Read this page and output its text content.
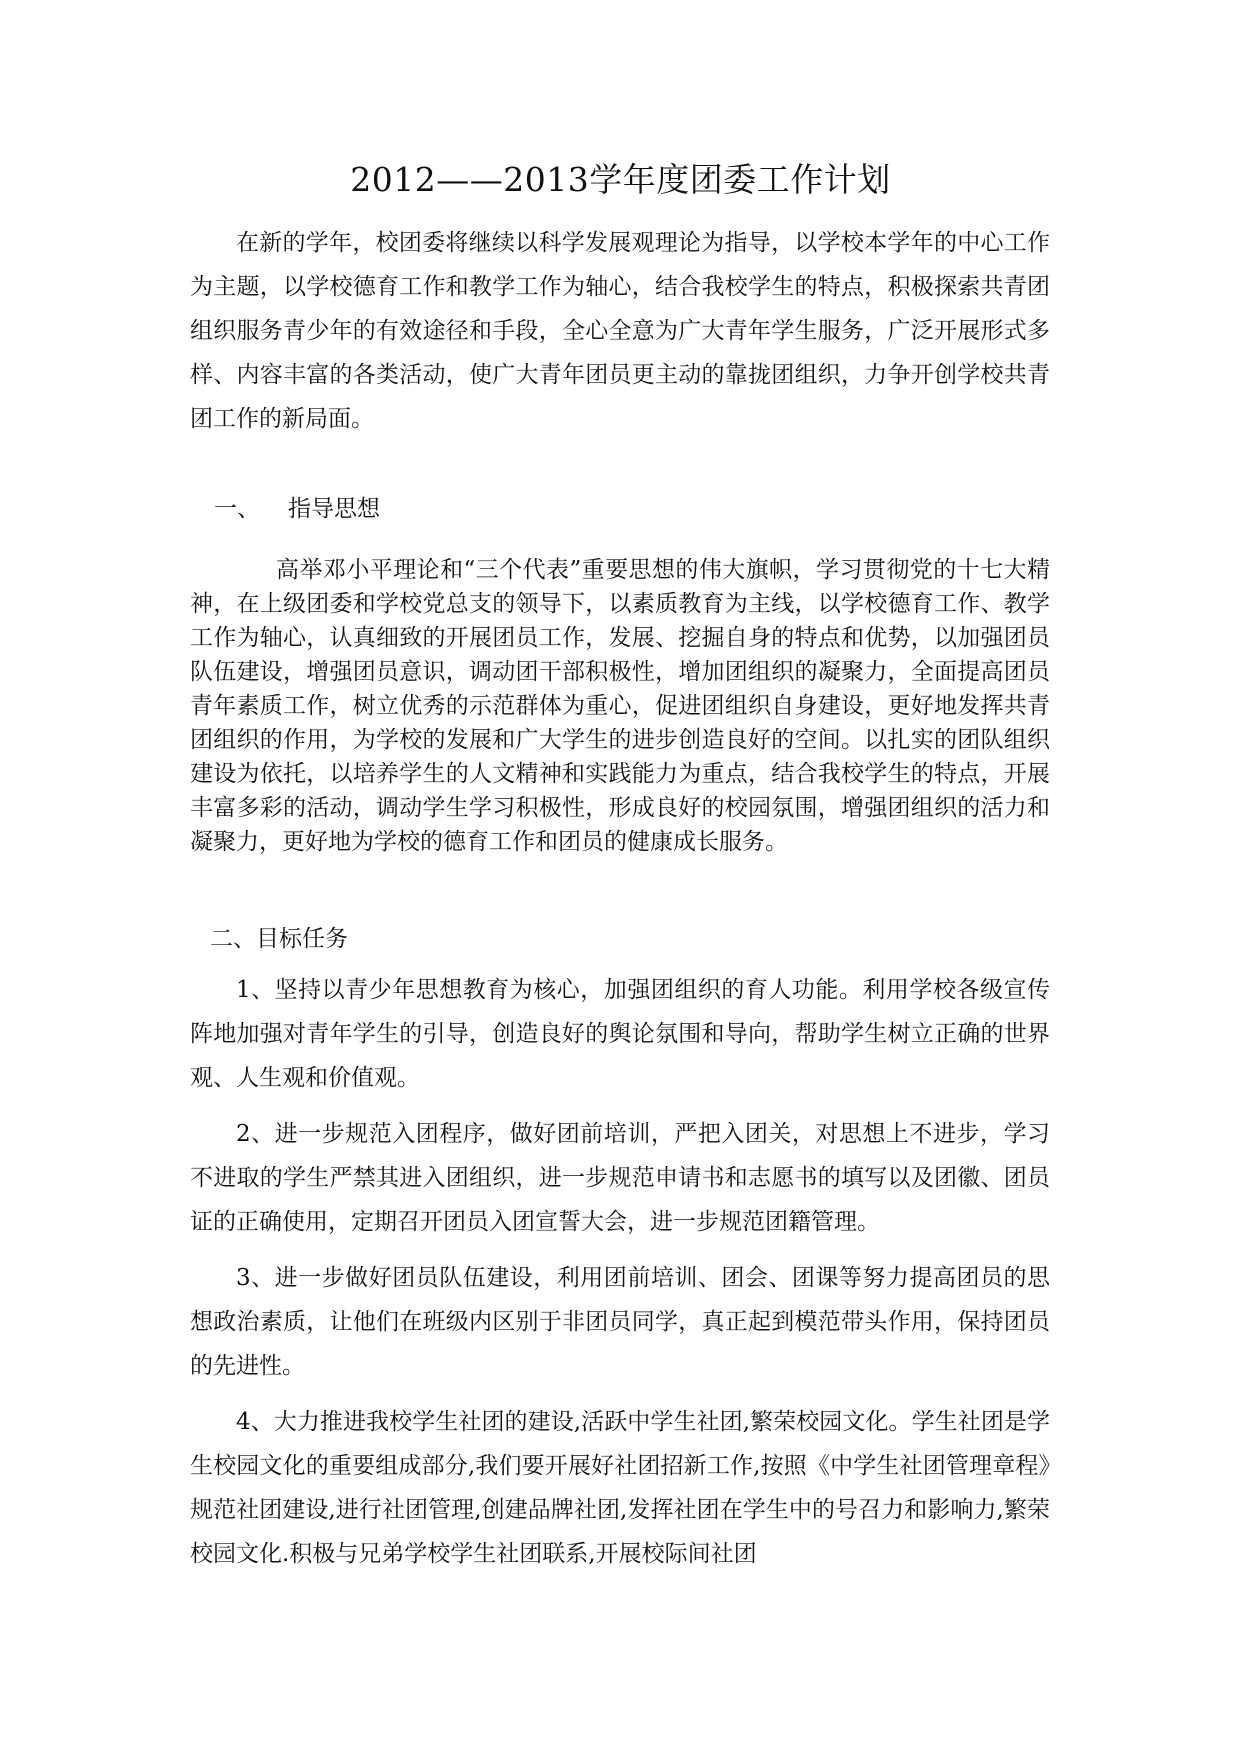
2012——2013学年度团委工作计划

在新的学年，校团委将继续以科学发展观理论为指导，以学校本学年的中心工作为主题，以学校德育工作和教学工作为轴心，结合我校学生的特点，积极探索共青团组织服务青少年的有效途径和手段，全心全意为广大青年学生服务，广泛开展形式多样、内容丰富的各类活动，使广大青年团员更主动的靠拢团组织，力争开创学校共青团工作的新局面。

一、 指导思想

高举邓小平理论和“三个代表”重要思想的伟大旗帜，学习贯彻党的十七大精神，在上级团委和学校党总支的领导下，以素质教育为主线，以学校德育工作、教学工作为轴心，认真细致的开展团员工作，发展、挖掘自身的特点和优势，以加强团员队伍建设，增强团员意识，调动团干部积极性，增加团组织的凝聚力，全面提高团员青年素质工作，树立优秀的示范群体为重心，促进团组织自身建设，更好地发挥共青团组织的作用，为学校的发展和广大学生的进步创造良好的空间。以扎实的团队组织建设为依托，以培养学生的人文精神和实践能力为重点，结合我校学生的特点，开展丰富多彩的活动，调动学生学习积极性，形成良好的校园氛围，增强团组织的活力和凝聚力，更好地为学校的德育工作和团员的健康成长服务。

二、目标任务

1、坚持以青少年思想教育为核心，加强团组织的育人功能。利用学校各级宣传阵地加强对青年学生的引导，创造良好的舆论氛围和导向，帮助学生树立正确的世界观、人生观和价值观。

2、进一步规范入团程序，做好团前培训，严把入团关，对思想上不进步，学习不进取的学生严禁其进入团组织，进一步规范申请书和志愿书的填写以及团徽、团员证的正确使用，定期召开团员入团宣誓大会，进一步规范团籍管理。

3、进一步做好团员队伍建设，利用团前培训、团会、团课等努力提高团员的思想政治素质，让他们在班级内区别于非团员同学，真正起到模范带头作用，保持团员的先进性。

4、大力推进我校学生社团的建设,活跃中学生社团,繁荣校园文化。学生社团是学生校园文化的重要组成部分,我们要开展好社团招新工作,按照《中学生社团管理章程》规范社团建设,进行社团管理,创建品牌社团,发挥社团在学生中的号召力和影响力,繁荣校园文化.积极与兄弟学校学生社团联系,开展校际间社团
